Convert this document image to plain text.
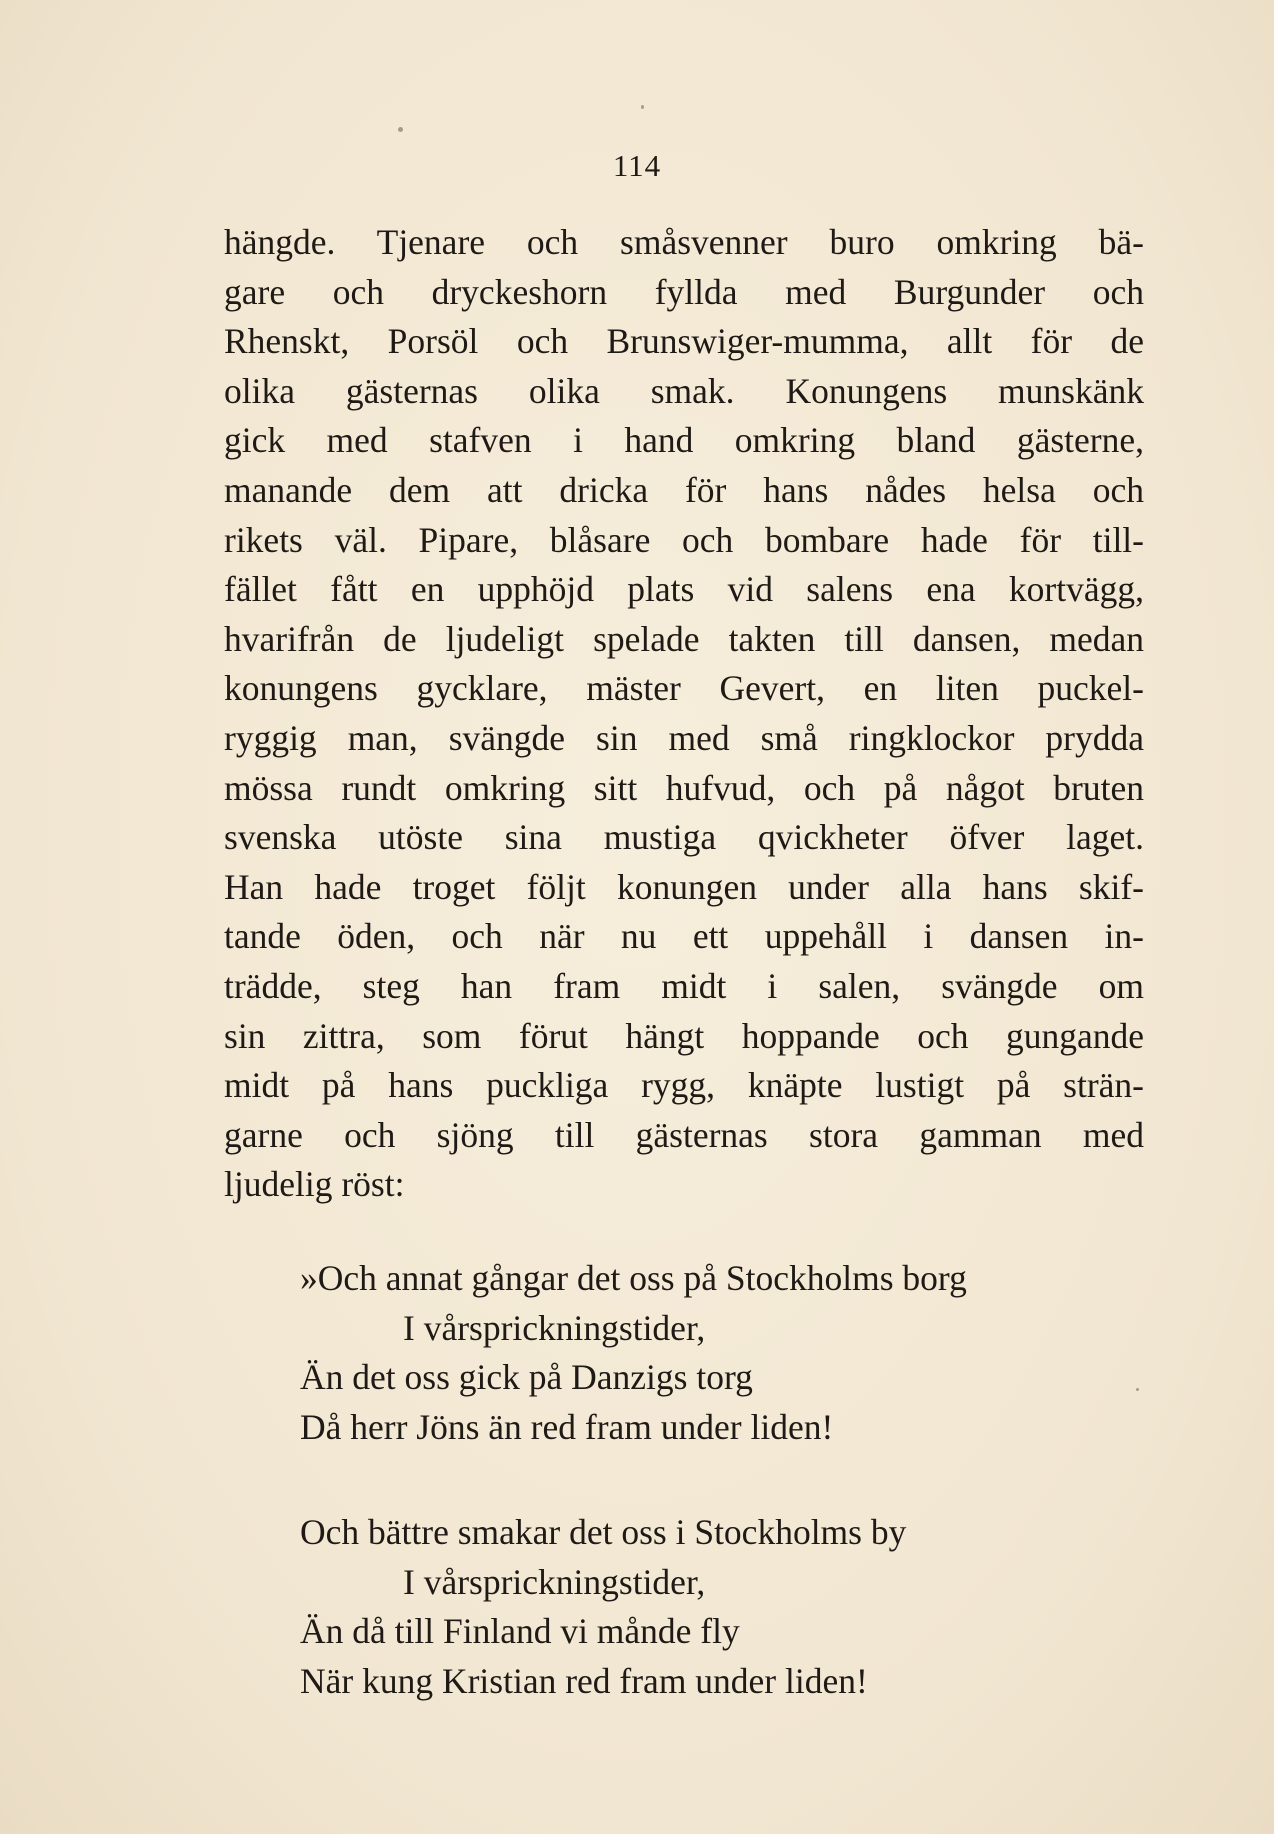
114
hängde. Tjenare och småsvenner buro omkring bä-
gare och dryckeshorn fyllda med Burgunder och
Rhenskt, Porsöl och Brunswiger-mumma, allt för de
olika gästernas olika smak. Konungens munskänk
gick med stafven i hand omkring bland gästerne,
manande dem att dricka för hans nådes helsa och
rikets väl. Pipare, blåsare och bombare hade för till-
fället fått en upphöjd plats vid salens ena kortvägg,
hvarifrån de ljudeligt spelade takten till dansen, medan
konungens gycklare, mäster Gevert, en liten puckel-
ryggig man, svängde sin med små ringklockor prydda
mössa rundt omkring sitt hufvud, och på något bruten
svenska utöste sina mustiga qvickheter öfver laget.
Han hade troget följt konungen under alla hans skif-
tande öden, och när nu ett uppehåll i dansen in-
trädde, steg han fram midt i salen, svängde om
sin zittra, som förut hängt hoppande och gungande
midt på hans puckliga rygg, knäpte lustigt på strän-
garne och sjöng till gästernas stora gamman med
ljudelig röst:
»Och annat gångar det oss på Stockholms borg
I vårsprickningstider,
Än det oss gick på Danzigs torg
Då herr Jöns än red fram under liden!
Och bättre smakar det oss i Stockholms by
I vårsprickningstider,
Än då till Finland vi månde fly
När kung Kristian red fram under liden!
